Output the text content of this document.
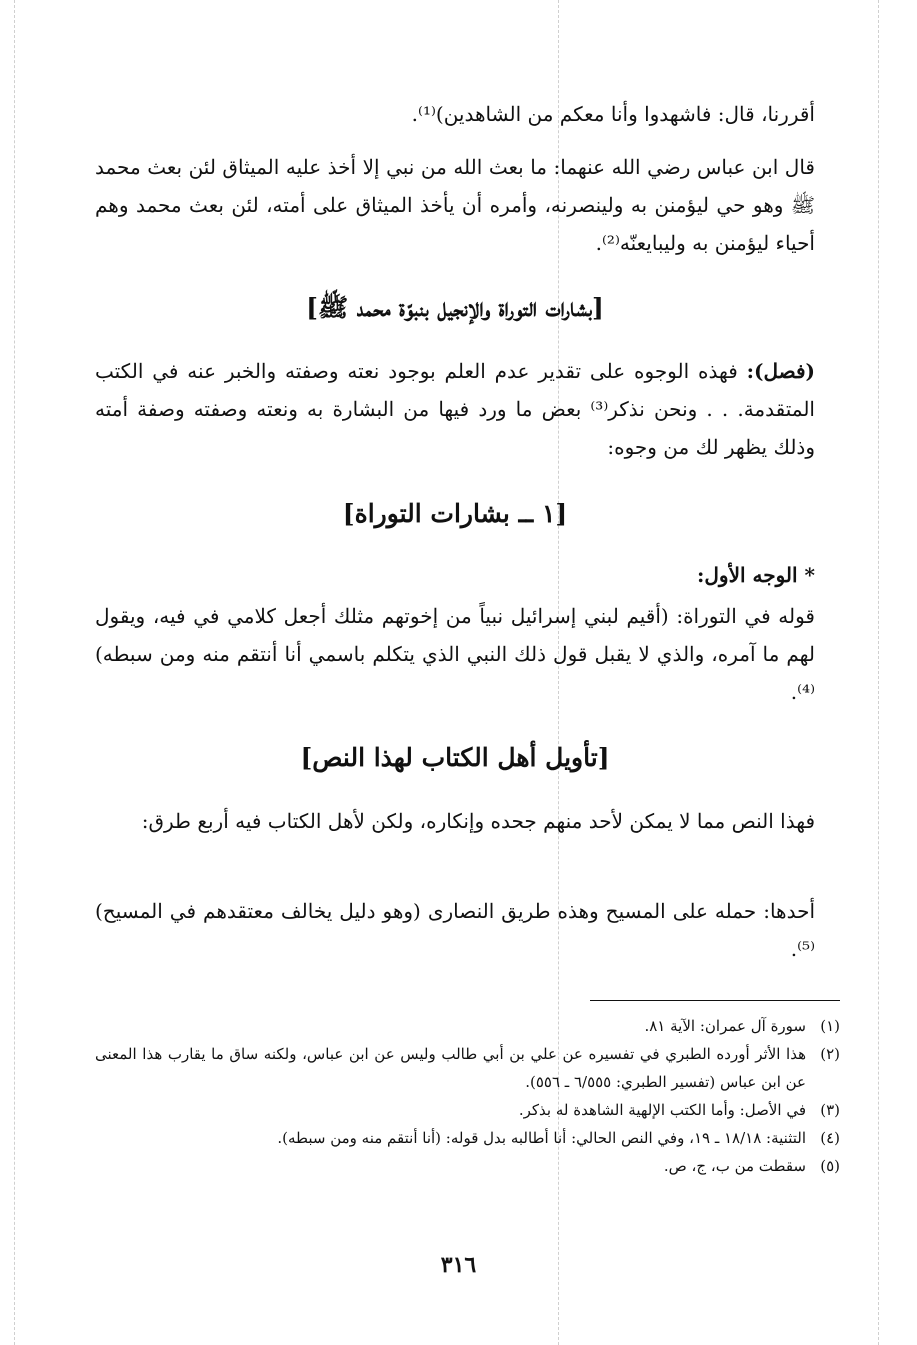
أقررنا، قال: فاشهدوا وأنا معكم من الشاهدين)⁽¹⁾.

قال ابن عباس رضي الله عنهما: ما بعث الله من نبي إلا أخذ عليه الميثاق لئن بعث محمد ﷺ وهو حي ليؤمنن به ولينصرنه، وأمره أن يأخذ الميثاق على أمته، لئن بعث محمد وهم أحياء ليؤمنن به وليبايعنّه⁽²⁾.

[بشارات التوراة والإنجيل بنبوّة محمد ﷺ]

(فصل): فهذه الوجوه على تقدير عدم العلم بوجود نعته وصفته والخبر عنه في الكتب المتقدمة. . . ونحن نذكر⁽³⁾ بعض ما ورد فيها من البشارة به ونعته وصفته وصفة أمته وذلك يظهر لك من وجوه:

[١ ــ بشارات التوراة]

* الوجه الأول:

قوله في التوراة: (أقيم لبني إسرائيل نبياً من إخوتهم مثلك أجعل كلامي في فيه، ويقول لهم ما آمره، والذي لا يقبل قول ذلك النبي الذي يتكلم باسمي أنا أنتقم منه ومن سبطه)⁽⁴⁾.

[تأويل أهل الكتاب لهذا النص]

فهذا النص مما لا يمكن لأحد منهم جحده وإنكاره، ولكن لأهل الكتاب فيه أربع طرق:

أحدها: حمله على المسيح وهذه طريق النصارى (وهو دليل يخالف معتقدهم في المسيح)⁽⁵⁾.

(١)
سورة آل عمران: الآية ٨١.

(٢)
هذا الأثر أورده الطبري في تفسيره عن علي بن أبي طالب وليس عن ابن عباس، ولكنه ساق ما يقارب هذا المعنى عن ابن عباس (تفسير الطبري: ٦/٥٥٥ ـ ٥٥٦).

(٣)
في الأصل: وأما الكتب الإلهية الشاهدة له بذكر.

(٤)
التثنية: ١٨/١٨ ـ ١٩، وفي النص الحالي: أنا أطالبه بدل قوله: (أنا أنتقم منه ومن سبطه).

(٥)
سقطت من ب، ج، ص.

٣١٦
